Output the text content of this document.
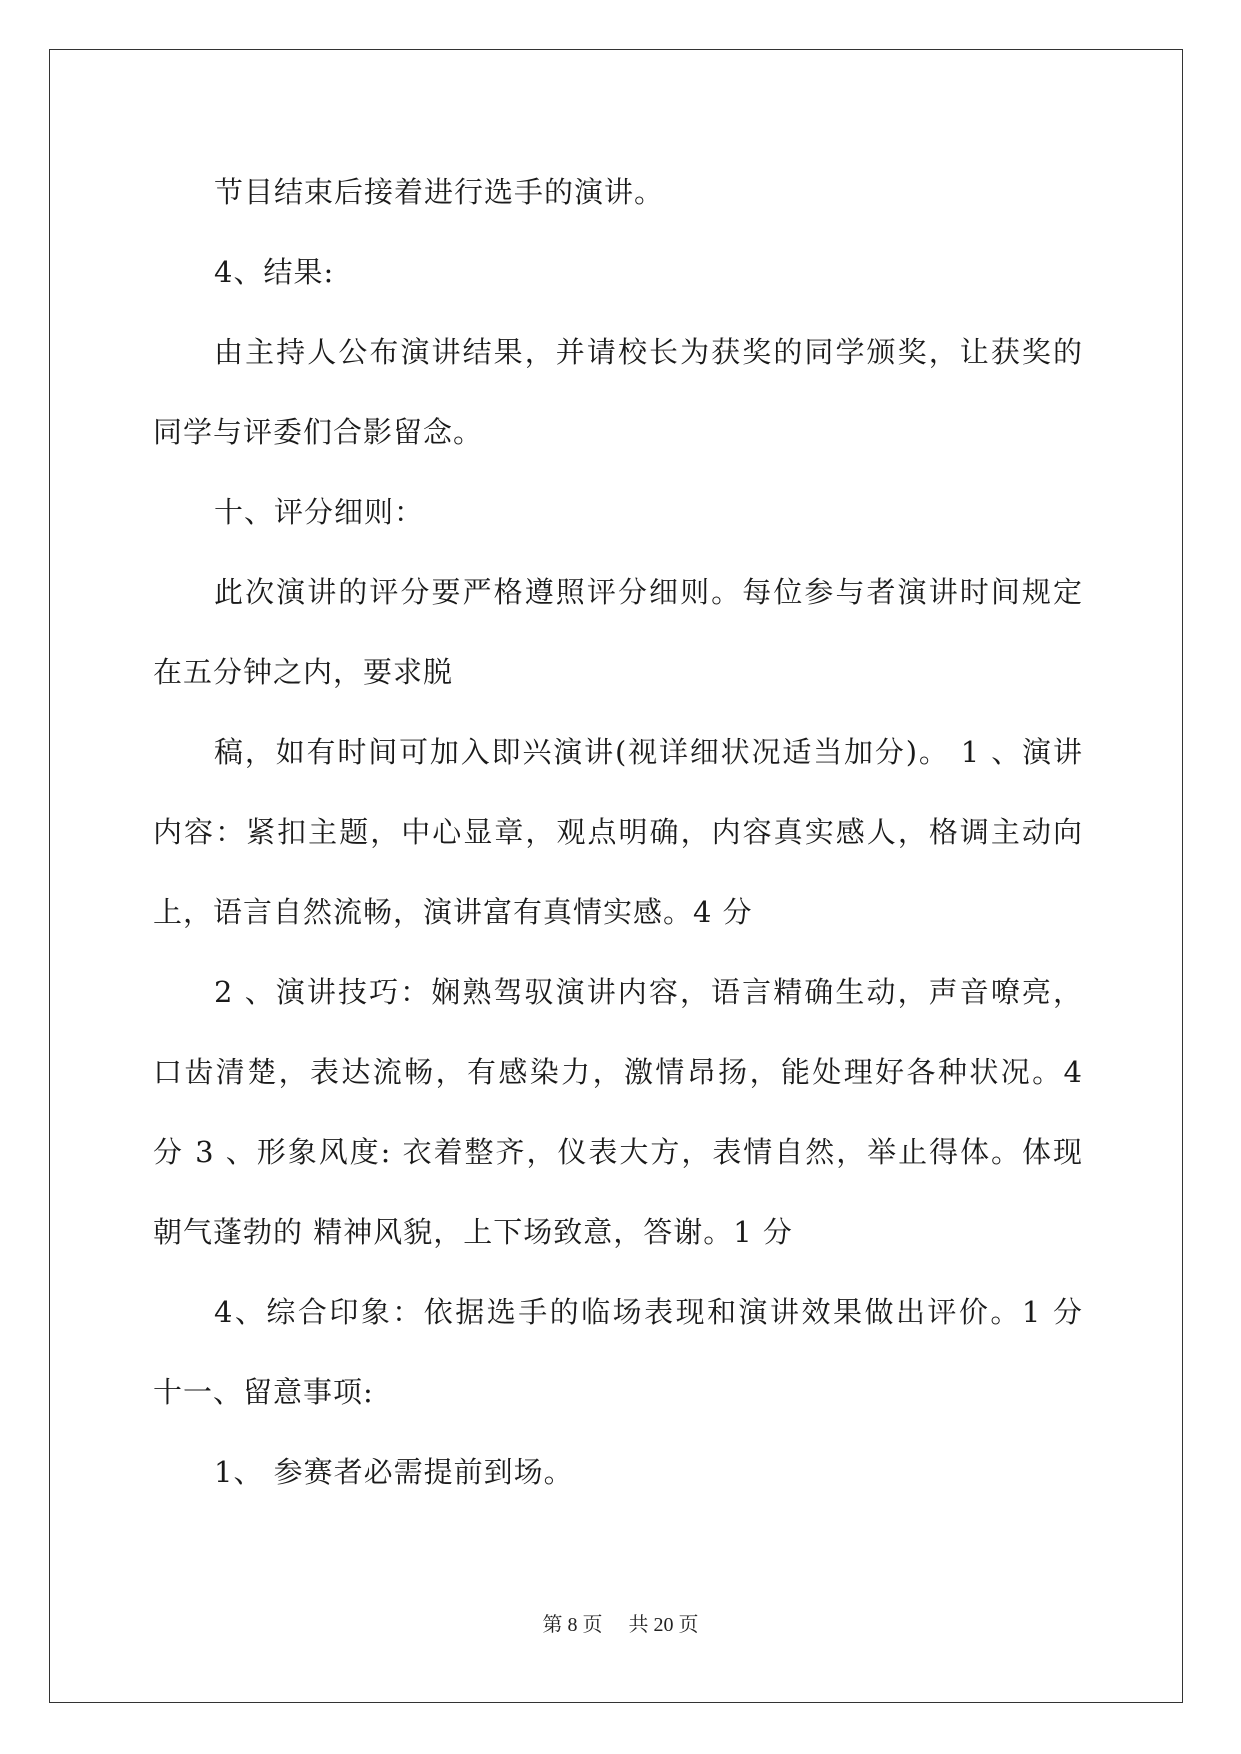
节目结束后接着进行选手的演讲。
4、结果:
由主持人公布演讲结果，并请校长为获奖的同学颁奖，让获奖的
同学与评委们合影留念。
十、评分细则：
此次演讲的评分要严格遵照评分细则。每位参与者演讲时间规定
在五分钟之内，要求脱
稿，如有时间可加入即兴演讲(视详细状况适当加分)。 1 、演讲
内容：紧扣主题，中心显章，观点明确，内容真实感人，格调主动向
上，语言自然流畅，演讲富有真情实感。4 分
2 、演讲技巧：娴熟驾驭演讲内容，语言精确生动，声音嘹亮，
口齿清楚，表达流畅，有感染力，激情昂扬，能处理好各种状况。4
分 3 、形象风度: 衣着整齐，仪表大方，表情自然，举止得体。体现
朝气蓬勃的 精神风貌，上下场致意，答谢。1 分
4、综合印象：依据选手的临场表现和演讲效果做出评价。1 分
十一、留意事项:
1、 参赛者必需提前到场。
第 8 页 共 20 页
